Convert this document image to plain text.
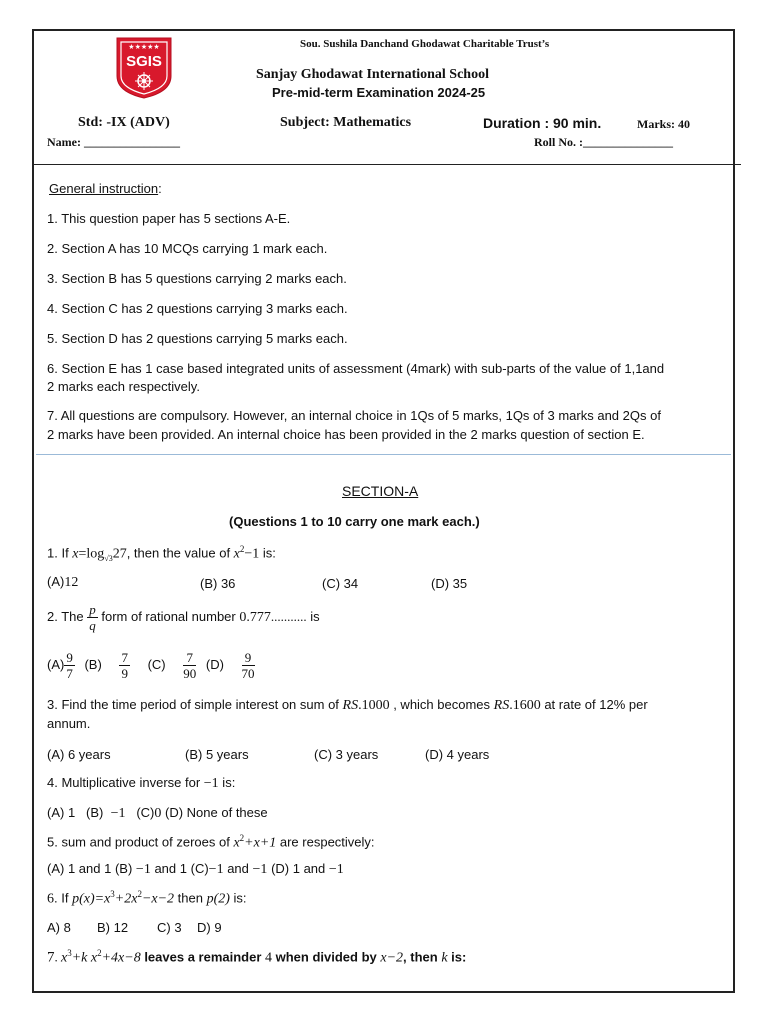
★★★★★
SGIS
Sou. Sushila Danchand Ghodawat Charitable Trust’s
Sanjay Ghodawat International School
Pre-mid-term Examination 2024-25
Std: -IX (ADV)	Subject: Mathematics	Duration : 90 min.	Marks: 40
Name: ________________	Roll No. :_______________
General instruction:
1. This question paper has 5 sections A-E.
2. Section A has 10 MCQs carrying 1 mark each.
3. Section B has 5 questions carrying 2 marks each.
4. Section C has 2 questions carrying 3 marks each.
5. Section D has 2 questions carrying 5 marks each.
6. Section E has 1 case based integrated units of assessment (4mark) with sub-parts of the value of 1,1and
2 marks each respectively.
7. All questions are compulsory. However, an internal choice in 1Qs of 5 marks, 1Qs of 3 marks and 2Qs of
2 marks have been provided. An internal choice has been provided in the 2 marks question of section E.
SECTION-A
(Questions 1 to 10 carry one mark each.)
1. If $x=\log_{√3}27$, then the value of $x^2-1$ is:
(A)12	(B) 36	(C) 34	(D) 35
2. The $\frac{p}{q}$ form of rational number 0.777........... is
$(A) \frac{9}{7} (B) \frac{7}{9} (C) \frac{7}{90} (D) \frac{9}{70}$
3. Find the time period of simple interest on sum of RS.1000 , which becomes RS.1600 at rate of 12% per
annum.
(A) 6 years	(B) 5 years	(C) 3 years	(D) 4 years
4. Multiplicative inverse for −1 is:
(A) 1 (B) −1 (C)0 (D) None of these
5. sum and product of zeroes of $x^2+x+1$ are respectively:
(A) 1 and 1 (B) −1 and 1 (C)−1 and −1 (D) 1 and −1
6. If $p(x)=x^3+2x^2-x-2$ then p(2) is:
A) 8 B) 12 C) 3 D) 9
7. $x^3+k$ $x^2+4x-8$ leaves a remainder 4 when divided by x−2, then k is:
